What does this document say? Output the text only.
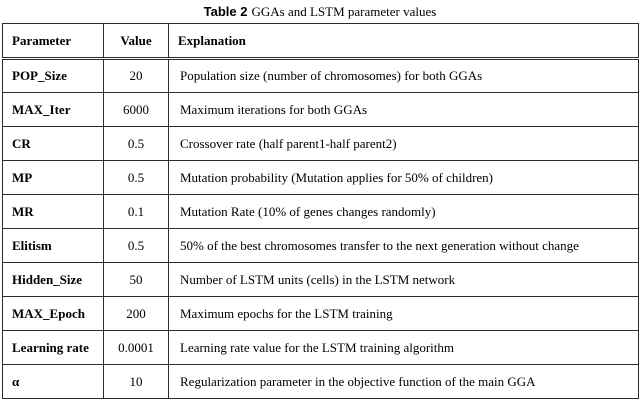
Table 2 GGAs and LSTM parameter values
Parameter	Value	Explanation
POP_Size	20	Population size (number of chromosomes) for both GGAs
MAX_Iter	6000	Maximum iterations for both GGAs
CR	0.5	Crossover rate (half parent1-half parent2)
MP	0.5	Mutation probability (Mutation applies for 50% of children)
MR	0.1	Mutation Rate (10% of genes changes randomly)
Elitism	0.5	50% of the best chromosomes transfer to the next generation without change
Hidden_Size	50	Number of LSTM units (cells) in the LSTM network
MAX_Epoch	200	Maximum epochs for the LSTM training
Learning rate	0.0001	Learning rate value for the LSTM training algorithm
α	10	Regularization parameter in the objective function of the main GGA
